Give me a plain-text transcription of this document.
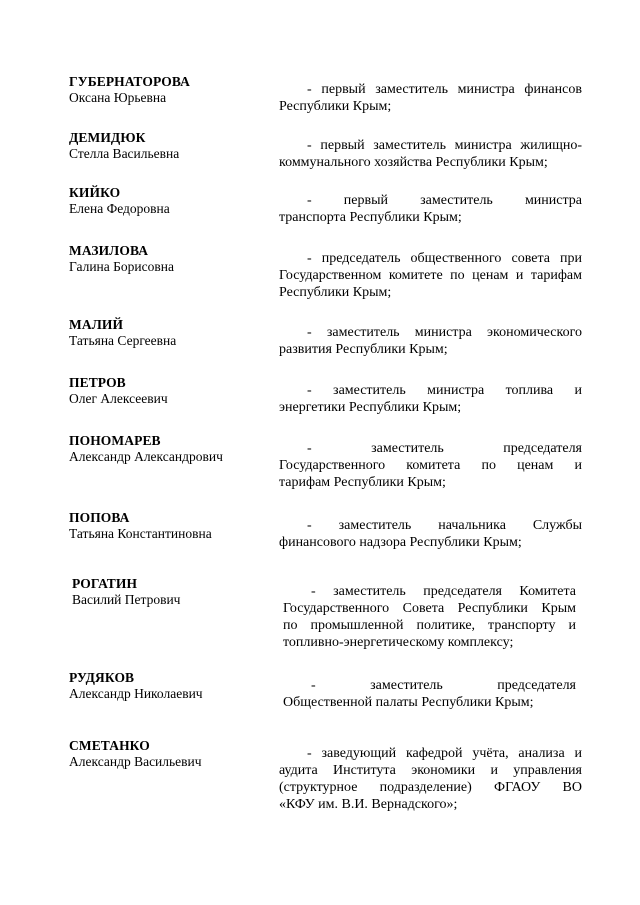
ГУБЕРНАТОРОВА
Оксана Юрьевна
- первый заместитель министра финансов
Республики Крым;
ДЕМИДЮК
Стелла Васильевна
- первый заместитель министра жилищно-
коммунального хозяйства Республики Крым;
КИЙКО
Елена Федоровна
- первый заместитель министра
транспорта Республики Крым;
МАЗИЛОВА
Галина Борисовна
- председатель общественного совета при
Государственном комитете по ценам и тарифам
Республики Крым;
МАЛИЙ
Татьяна Сергеевна
- заместитель министра экономического
развития Республики Крым;
ПЕТРОВ
Олег Алексеевич
- заместитель министра топлива и
энергетики Республики Крым;
ПОНОМАРЕВ
Александр Александрович
- заместитель председателя
Государственного комитета по ценам и
тарифам Республики Крым;
ПОПОВА
Татьяна Константиновна
- заместитель начальника Службы
финансового надзора Республики Крым;
РОГАТИН
Василий Петрович
- заместитель председателя Комитета
Государственного Совета Республики Крым
по промышленной политике, транспорту и
топливно-энергетическому комплексу;
РУДЯКОВ
Александр Николаевич
- заместитель председателя
Общественной палаты Республики Крым;
СМЕТАНКО
Александр Васильевич
- заведующий кафедрой учёта, анализа и
аудита Института экономики и управления
(структурное подразделение) ФГАОУ ВО
«КФУ им. В.И. Вернадского»;
